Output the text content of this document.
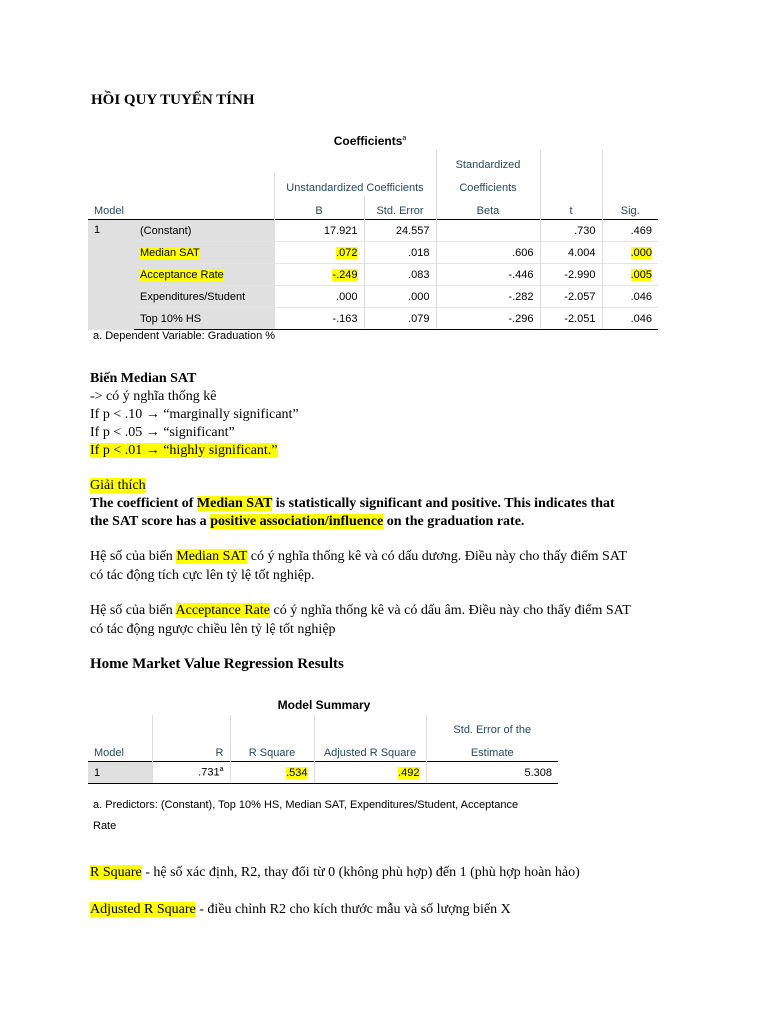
HỒI QUY TUYẾN TÍNH
Coefficients$^a$
				Standardized		
		Unstandardized Coefficients		Coefficients		
Model		B	Std. Error	Beta	t	Sig.
1	(Constant)	17.921	24.557		.730	.469
	Median SAT	.072	.018	.606	4.004	.000
	Acceptance Rate	-.249	.083	-.446	-2.990	.005
	Expenditures/Student	.000	.000	-.282	-2.057	.046
	Top 10% HS	-.163	.079	-.296	-2.051	.046
a. Dependent Variable: Graduation %
Biến Median SAT
-> có ý nghĩa thống kê
If p < .10 → “marginally significant”
If p < .05 → “significant”
If p < .01 → “highly significant.”
Giải thích
The coefficient of Median SAT is statistically significant and positive. This indicates that
the SAT score has a positive association/influence on the graduation rate.
Hệ số của biến Median SAT có ý nghĩa thống kê và có dấu dương. Điều này cho thấy điểm SAT
có tác động tích cực lên tỷ lệ tốt nghiệp.
Hệ số của biến Acceptance Rate có ý nghĩa thống kê và có dấu âm. Điều này cho thấy điểm SAT
có tác động ngược chiều lên tỷ lệ tốt nghiệp
Home Market Value Regression Results
Model Summary
				Std. Error of the
Model	R	R Square	Adjusted R Square	Estimate
1	.731$^a$	.534	.492	5.308
a. Predictors: (Constant), Top 10% HS, Median SAT, Expenditures/Student, Acceptance
Rate
R Square - hệ số xác định, R2, thay đổi từ 0 (không phù hợp) đến 1 (phù hợp hoàn hảo)
Adjusted R Square - điều chỉnh R2 cho kích thước mẫu và số lượng biến X
